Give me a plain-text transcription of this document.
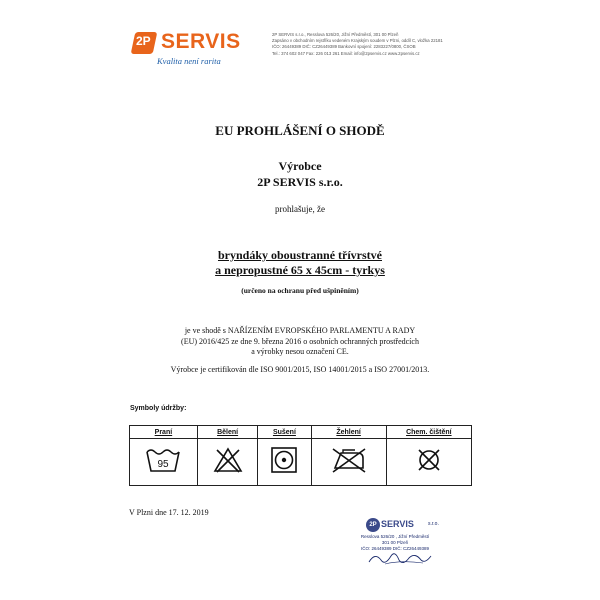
2P SERVIS
Kvalita není rarita
2P SERVIS s.r.o., Resslova 526/20, Jižní Předměstí, 301 00 Plzeň
Zapsáno v obchodním rejstříku vedeném Krajským soudem v Plzni, oddíl C, vložka 22181
IČO: 26449389 DIČ: CZ26449389 Bankovní spojení: 2283227/0800, ČSOB
Tel.: 374 602 047 Fax: 226 013 261 Email: info@2pservis.cz www.2pservis.cz
EU PROHLÁŠENÍ O SHODĚ
Výrobce
2P SERVIS s.r.o.
prohlašuje, že
bryndáky oboustranné třívrstvé
a nepropustné 65 x 45cm - tyrkys
(určeno na ochranu před ušpiněním)
je ve shodě s NAŘÍZENÍM EVROPSKÉHO PARLAMENTU A RADY
(EU) 2016/425 ze dne 9. března 2016 o osobních ochranných prostředcích
a výrobky nesou označení CE.
Výrobce je certifikován dle ISO 9001/2015, ISO 14001/2015 a ISO 27001/2013.
Symboly údržby:
Praní	Bělení	Sušení	Žehlení	Chem. čištění

95

V Plzni dne 17. 12. 2019
2P SERVIS	s.r.o.
Resslova 526/20 , Jižní Předměstí
301 00 Plzeň
IČO: 26449389 DIČ: CZ26449389
